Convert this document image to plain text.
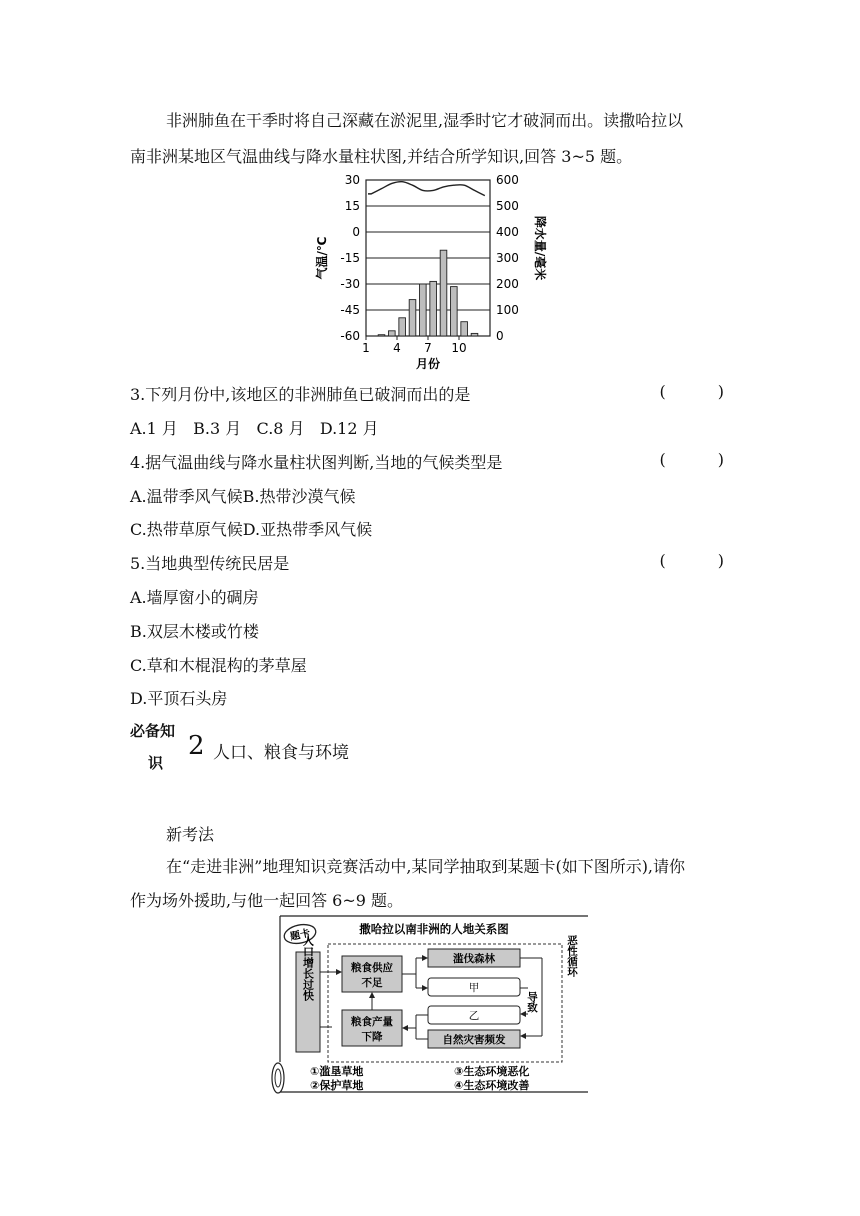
非洲肺鱼在干季时将自己深藏在淤泥里,湿季时它才破洞而出。读撒哈拉以
南非洲某地区气温曲线与降水量柱状图,并结合所学知识,回答 3~5 题。
30
15
0
-15
-30
-45
-60
600
500
400
300
200
100
0
1 4 7 10
月份
气温/℃	降水量/毫米
3.下列月份中,该地区的非洲肺鱼已破洞而出的是	(	)
A.1 月   B.3 月   C.8 月   D.12 月
4.据气温曲线与降水量柱状图判断,当地的气候类型是	(	)
A.温带季风气候B.热带沙漠气候
C.热带草原气候D.亚热带季风气候
5.当地典型传统民居是	(	)
A.墙厚窗小的碉房
B.双层木楼或竹楼
C.草和木棍混构的茅草屋
D.平顶石头房
必备知
识
2 人口、粮食与环境
新考法
在“走进非洲”地理知识竞赛活动中,某同学抽取到某题卡(如下图所示),请你
作为场外援助,与他一起回答 6~9 题。
题卡	撒哈拉以南非洲的人地关系图
人口增长过快	粮食供应
不足
粮食产量
下降
滥伐森林
甲
导致
乙
自然灾害频发
恶性循环
①滥垦草地	③生态环境恶化
②保护草地	④生态环境改善
